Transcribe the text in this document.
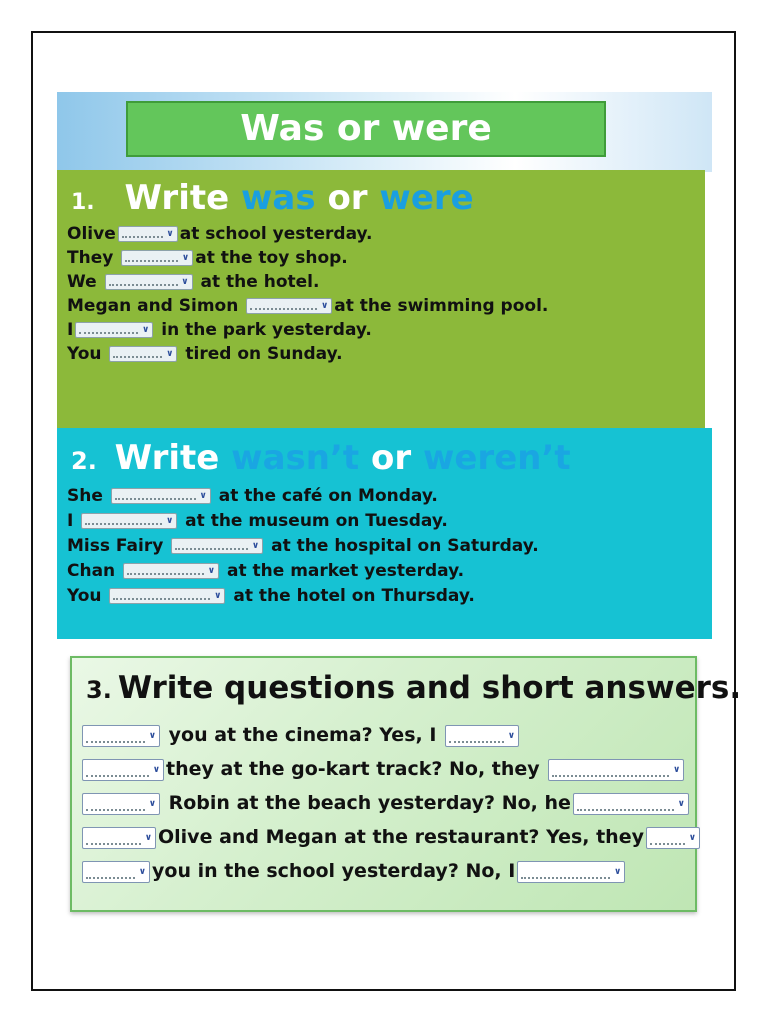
Was or were
1. Write was or were
Olive ∨	at school yesterday.
They ∨	at the toy shop.
We ∨	at the hotel.
Megan and Simon ∨	at the swimming pool.
I ∨	in the park yesterday.
You ∨	tired on Sunday.
2. Write wasn’t or weren’t
She ∨	at the café on Monday.
I ∨	at the museum on Tuesday.
Miss Fairy ∨	at the hospital on Saturday.
Chan ∨	at the market yesterday.
You ∨	at the hotel on Thursday.
3. Write questions and short answers.
∨
you at the cinema? Yes, I
∨
∨
they at the go-kart track? No, they
∨
∨
Robin at the beach yesterday? No, he
∨
∨
Olive and Megan at the restaurant? Yes, they
∨
∨
you in the school yesterday? No, I
∨
